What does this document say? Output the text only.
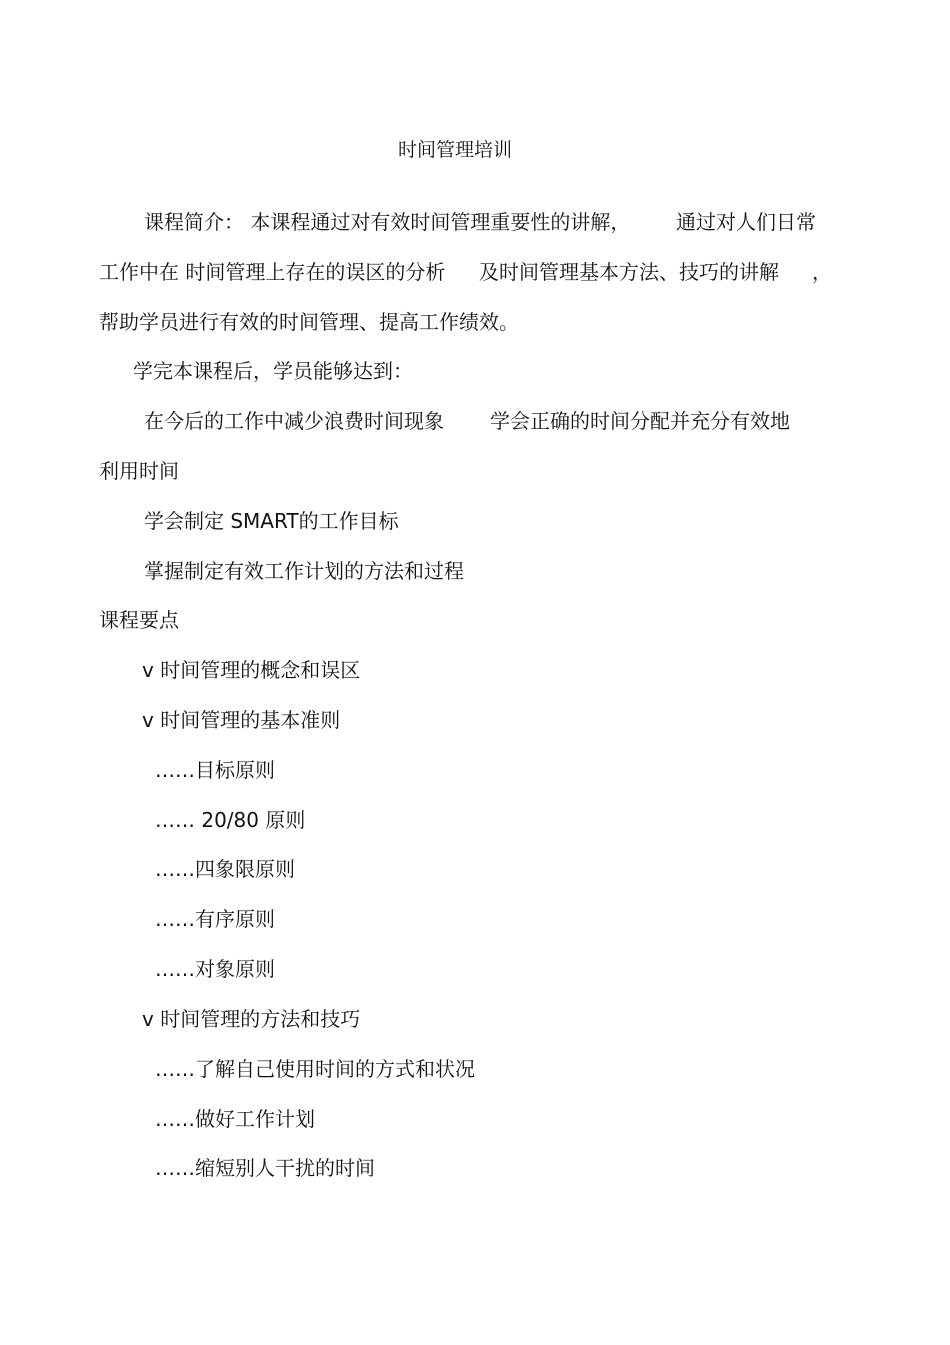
时间管理培训
课程简介： 本课程通过对有效时间管理重要性的讲解， 通过对人们日常
工作中在 时间管理上存在的误区的分析 及时间管理基本方法、技巧的讲解 ，
帮助学员进行有效的时间管理、提高工作绩效。
学完本课程后，学员能够达到：
在今后的工作中减少浪费时间现象 学会正确的时间分配并充分有效地
利用时间
学会制定 SMART的工作目标
掌握制定有效工作计划的方法和过程
课程要点
v 时间管理的概念和误区
v 时间管理的基本准则
……目标原则
…… 20/80 原则
……四象限原则
……有序原则
……对象原则
v 时间管理的方法和技巧
……了解自己使用时间的方式和状况
……做好工作计划
……缩短别人干扰的时间
